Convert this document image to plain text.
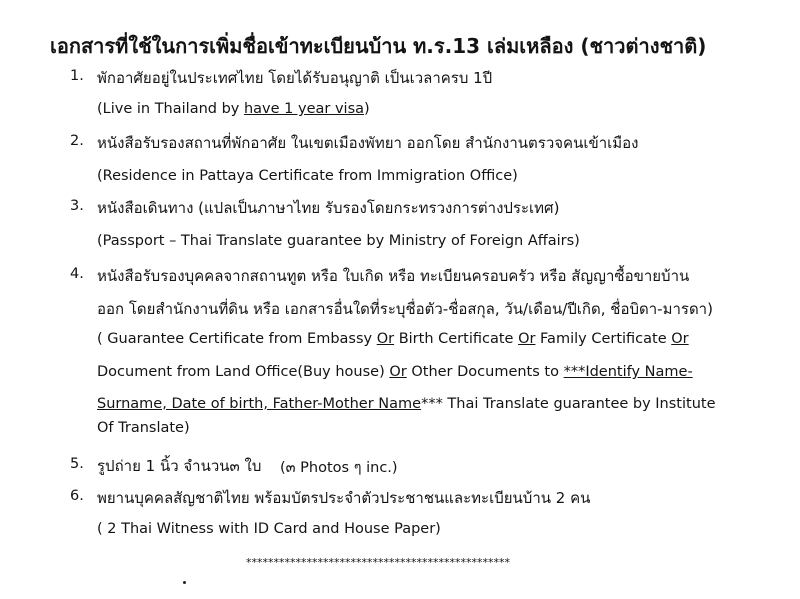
เอกสารที่ใช้ในการเพิ่มชื่อเข้าทะเบียนบ้าน ท.ร.13 เล่มเหลือง (ชาวต่างชาติ)
1. พักอาศัยอยู่ในประเทศไทย โดยได้รับอนุญาติ เป็นเวลาครบ 1ปี
(Live in Thailand by have 1 year visa)
2. หนังสือรับรองสถานที่พักอาศัย ในเขตเมืองพัทยา ออกโดย สำนักงานตรวจคนเข้าเมือง
(Residence in Pattaya Certificate from Immigration Office)
3. หนังสือเดินทาง (แปลเป็นภาษาไทย รับรองโดยกระทรวงการต่างประเทศ)
(Passport – Thai Translate guarantee by Ministry of Foreign Affairs)
4. หนังสือรับรองบุคคลจากสถานทูต หรือ ใบเกิด หรือ ทะเบียนครอบครัว หรือ สัญญาซื้อขายบ้าน
ออก โดยสำนักงานที่ดิน หรือ เอกสารอื่นใดที่ระบุชื่อตัว-ชื่อสกุล, วัน/เดือน/ปีเกิด, ชื่อบิดา-มารดา)
( Guarantee Certificate from Embassy Or Birth Certificate Or Family Certificate Or
Document from Land Office(Buy house) Or Other Documents to ***Identify Name-
Surname, Date of birth, Father-Mother Name*** Thai Translate guarantee by Institute
Of Translate)
5. รูปถ่าย 1 นิ้ว จำนวน๓ ใบ (๓ Photos ๆ inc.)
6. พยานบุคคลสัญชาติไทย พร้อมบัตรประจำตัวประชาชนและทะเบียนบ้าน 2 คน
( 2 Thai Witness with ID Card and House Paper)
************************************************
